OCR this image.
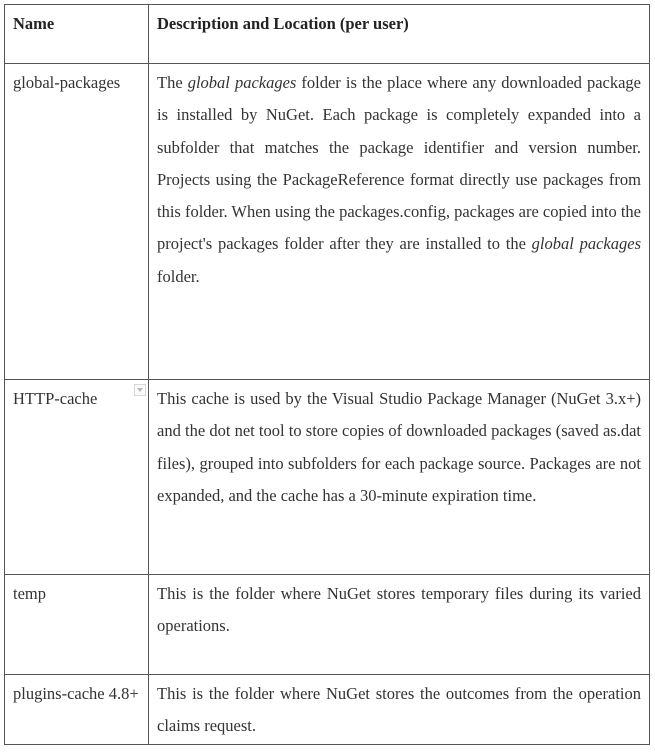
Name	Description and Location (per user)
global-packages	The global packages folder is the place where any downloaded package is installed by NuGet. Each package is completely expanded into a subfolder that matches the package identifier and version number. Projects using the PackageReference format directly use packages from this folder. When using the packages.config, packages are copied into the project's packages folder after they are installed to the global packages folder.
HTTP-cache	This cache is used by the Visual Studio Package Manager (NuGet 3.x+) and the dot net tool to store copies of downloaded packages (saved as.dat files), grouped into subfolders for each package source. Packages are not expanded, and the cache has a 30-minute expiration time.
temp	This is the folder where NuGet stores temporary files during its varied operations.
plugins-cache 4.8+	This is the folder where NuGet stores the outcomes from the operation claims request.
